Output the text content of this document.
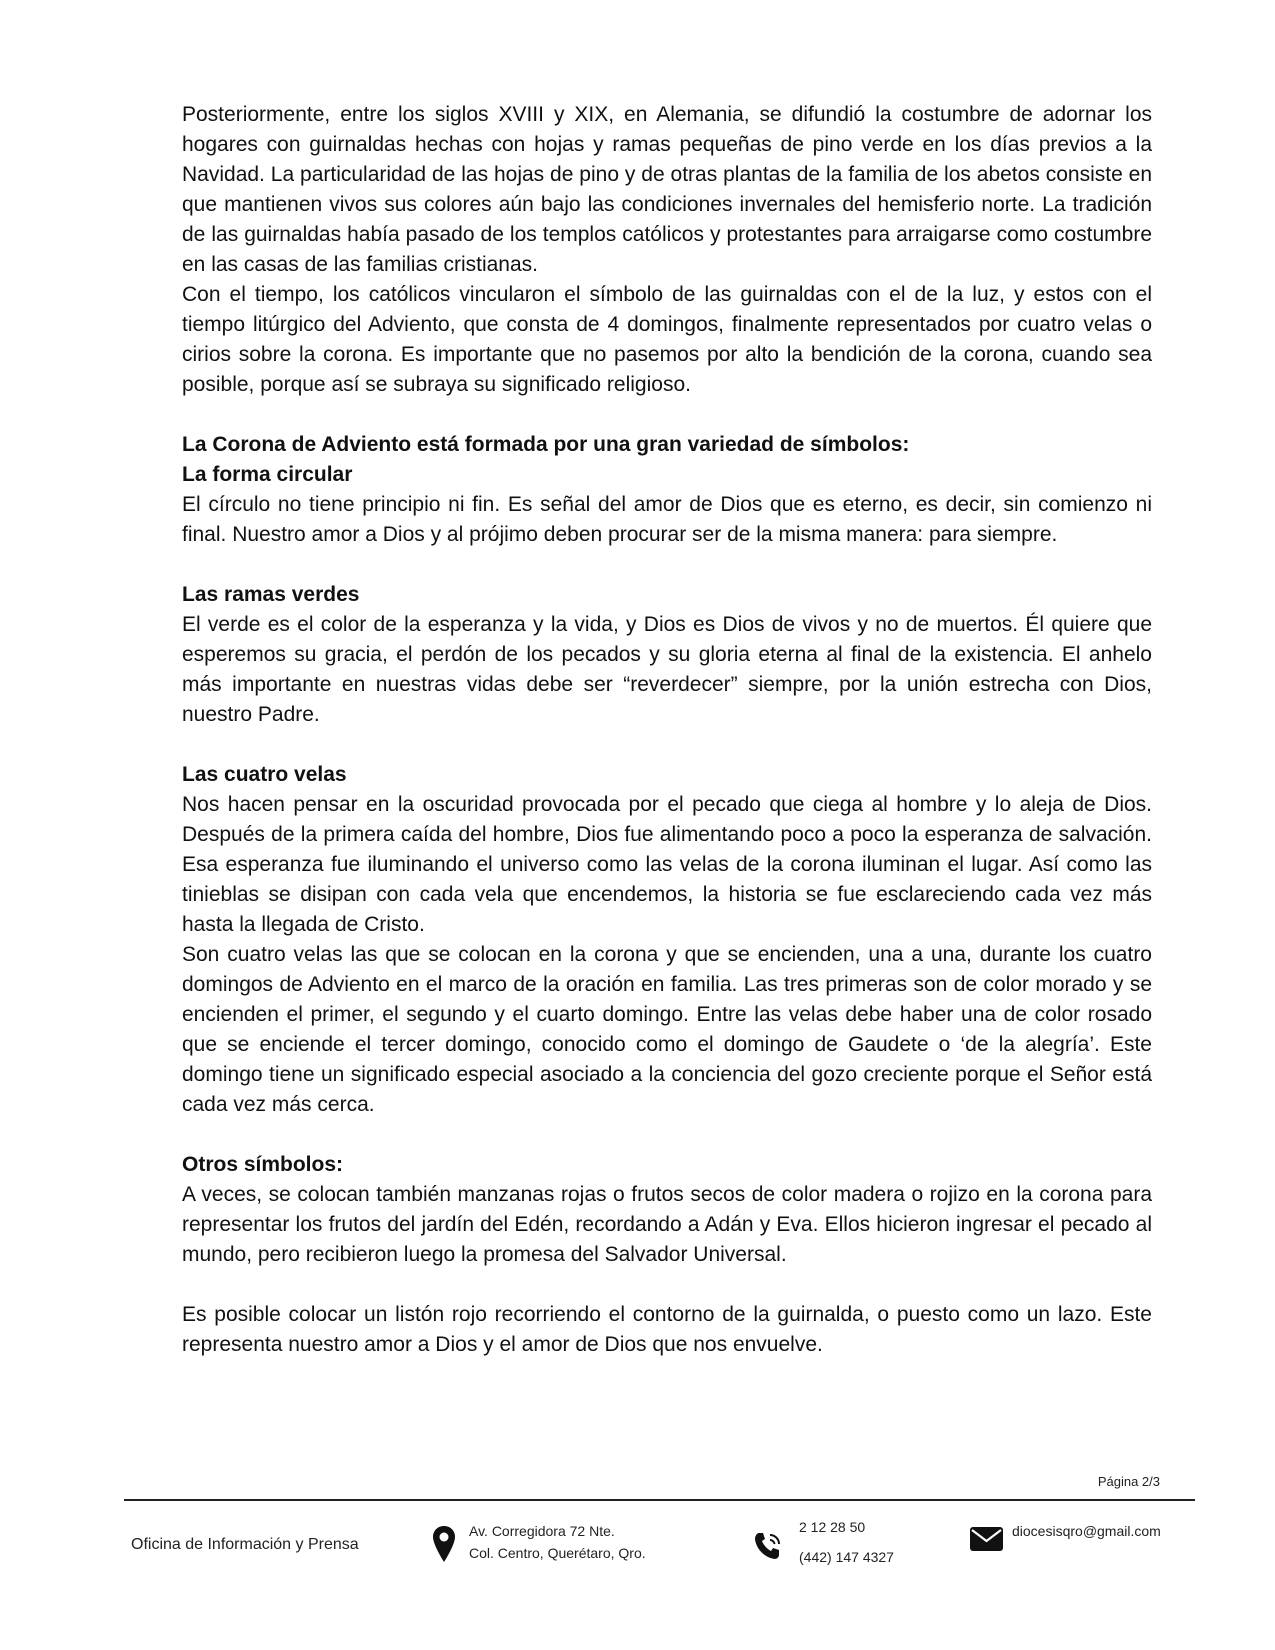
Posteriormente, entre los siglos XVIII y XIX, en Alemania, se difundió la costumbre de adornar los hogares con guirnaldas hechas con hojas y ramas pequeñas de pino verde en los días previos a la Navidad. La particularidad de las hojas de pino y de otras plantas de la familia de los abetos consiste en que mantienen vivos sus colores aún bajo las condiciones invernales del hemisferio norte. La tradición de las guirnaldas había pasado de los templos católicos y protestantes para arraigarse como costumbre en las casas de las familias cristianas.

Con el tiempo, los católicos vincularon el símbolo de las guirnaldas con el de la luz, y estos con el tiempo litúrgico del Adviento, que consta de 4 domingos, finalmente representados por cuatro velas o cirios sobre la corona. Es importante que no pasemos por alto la bendición de la corona, cuando sea posible, porque así se subraya su significado religioso.

La Corona de Adviento está formada por una gran variedad de símbolos:

La forma circular

El círculo no tiene principio ni fin. Es señal del amor de Dios que es eterno, es decir, sin comienzo ni final. Nuestro amor a Dios y al prójimo deben procurar ser de la misma manera: para siempre.

Las ramas verdes

El verde es el color de la esperanza y la vida, y Dios es Dios de vivos y no de muertos. Él quiere que esperemos su gracia, el perdón de los pecados y su gloria eterna al final de la existencia. El anhelo más importante en nuestras vidas debe ser “reverdecer” siempre, por la unión estrecha con Dios, nuestro Padre.

Las cuatro velas

Nos hacen pensar en la oscuridad provocada por el pecado que ciega al hombre y lo aleja de Dios. Después de la primera caída del hombre, Dios fue alimentando poco a poco la esperanza de salvación. Esa esperanza fue iluminando el universo como las velas de la corona iluminan el lugar. Así como las tinieblas se disipan con cada vela que encendemos, la historia se fue esclareciendo cada vez más hasta la llegada de Cristo.

Son cuatro velas las que se colocan en la corona y que se encienden, una a una, durante los cuatro domingos de Adviento en el marco de la oración en familia. Las tres primeras son de color morado y se encienden el primer, el segundo y el cuarto domingo. Entre las velas debe haber una de color rosado que se enciende el tercer domingo, conocido como el domingo de Gaudete o ‘de la alegría’. Este domingo tiene un significado especial asociado a la conciencia del gozo creciente porque el Señor está cada vez más cerca.

Otros símbolos:

A veces, se colocan también manzanas rojas o frutos secos de color madera o rojizo en la corona para representar los frutos del jardín del Edén, recordando a Adán y Eva. Ellos hicieron ingresar el pecado al mundo, pero recibieron luego la promesa del Salvador Universal.

Es posible colocar un listón rojo recorriendo el contorno de la guirnalda, o puesto como un lazo. Este representa nuestro amor a Dios y el amor de Dios que nos envuelve.

Página 2/3
Oficina de Información y Prensa
Av. Corregidora 72 Nte.
Col. Centro, Querétaro, Qro.
2 12 28 50
(442) 147 4327
diocesisqro@gmail.com
